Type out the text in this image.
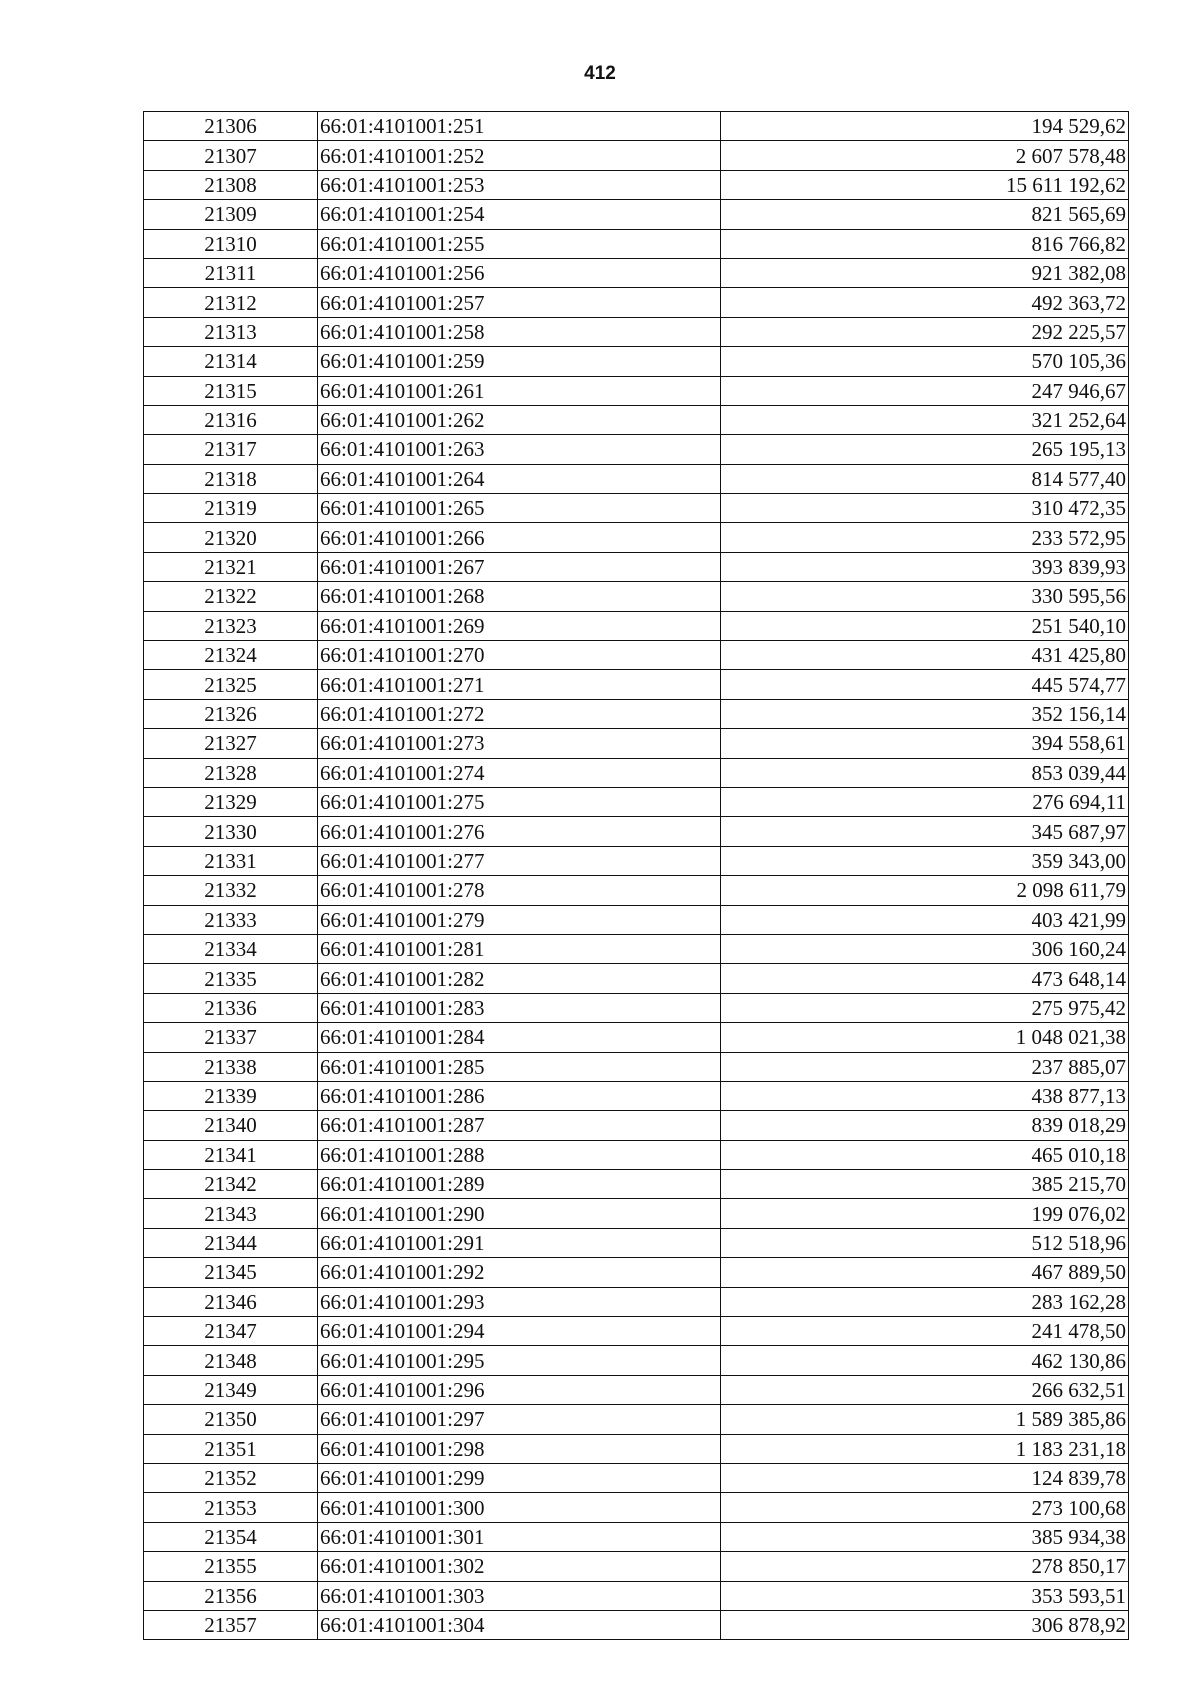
412
21306	66:01:4101001:251	194 529,62
21307	66:01:4101001:252	2 607 578,48
21308	66:01:4101001:253	15 611 192,62
21309	66:01:4101001:254	821 565,69
21310	66:01:4101001:255	816 766,82
21311	66:01:4101001:256	921 382,08
21312	66:01:4101001:257	492 363,72
21313	66:01:4101001:258	292 225,57
21314	66:01:4101001:259	570 105,36
21315	66:01:4101001:261	247 946,67
21316	66:01:4101001:262	321 252,64
21317	66:01:4101001:263	265 195,13
21318	66:01:4101001:264	814 577,40
21319	66:01:4101001:265	310 472,35
21320	66:01:4101001:266	233 572,95
21321	66:01:4101001:267	393 839,93
21322	66:01:4101001:268	330 595,56
21323	66:01:4101001:269	251 540,10
21324	66:01:4101001:270	431 425,80
21325	66:01:4101001:271	445 574,77
21326	66:01:4101001:272	352 156,14
21327	66:01:4101001:273	394 558,61
21328	66:01:4101001:274	853 039,44
21329	66:01:4101001:275	276 694,11
21330	66:01:4101001:276	345 687,97
21331	66:01:4101001:277	359 343,00
21332	66:01:4101001:278	2 098 611,79
21333	66:01:4101001:279	403 421,99
21334	66:01:4101001:281	306 160,24
21335	66:01:4101001:282	473 648,14
21336	66:01:4101001:283	275 975,42
21337	66:01:4101001:284	1 048 021,38
21338	66:01:4101001:285	237 885,07
21339	66:01:4101001:286	438 877,13
21340	66:01:4101001:287	839 018,29
21341	66:01:4101001:288	465 010,18
21342	66:01:4101001:289	385 215,70
21343	66:01:4101001:290	199 076,02
21344	66:01:4101001:291	512 518,96
21345	66:01:4101001:292	467 889,50
21346	66:01:4101001:293	283 162,28
21347	66:01:4101001:294	241 478,50
21348	66:01:4101001:295	462 130,86
21349	66:01:4101001:296	266 632,51
21350	66:01:4101001:297	1 589 385,86
21351	66:01:4101001:298	1 183 231,18
21352	66:01:4101001:299	124 839,78
21353	66:01:4101001:300	273 100,68
21354	66:01:4101001:301	385 934,38
21355	66:01:4101001:302	278 850,17
21356	66:01:4101001:303	353 593,51
21357	66:01:4101001:304	306 878,92
